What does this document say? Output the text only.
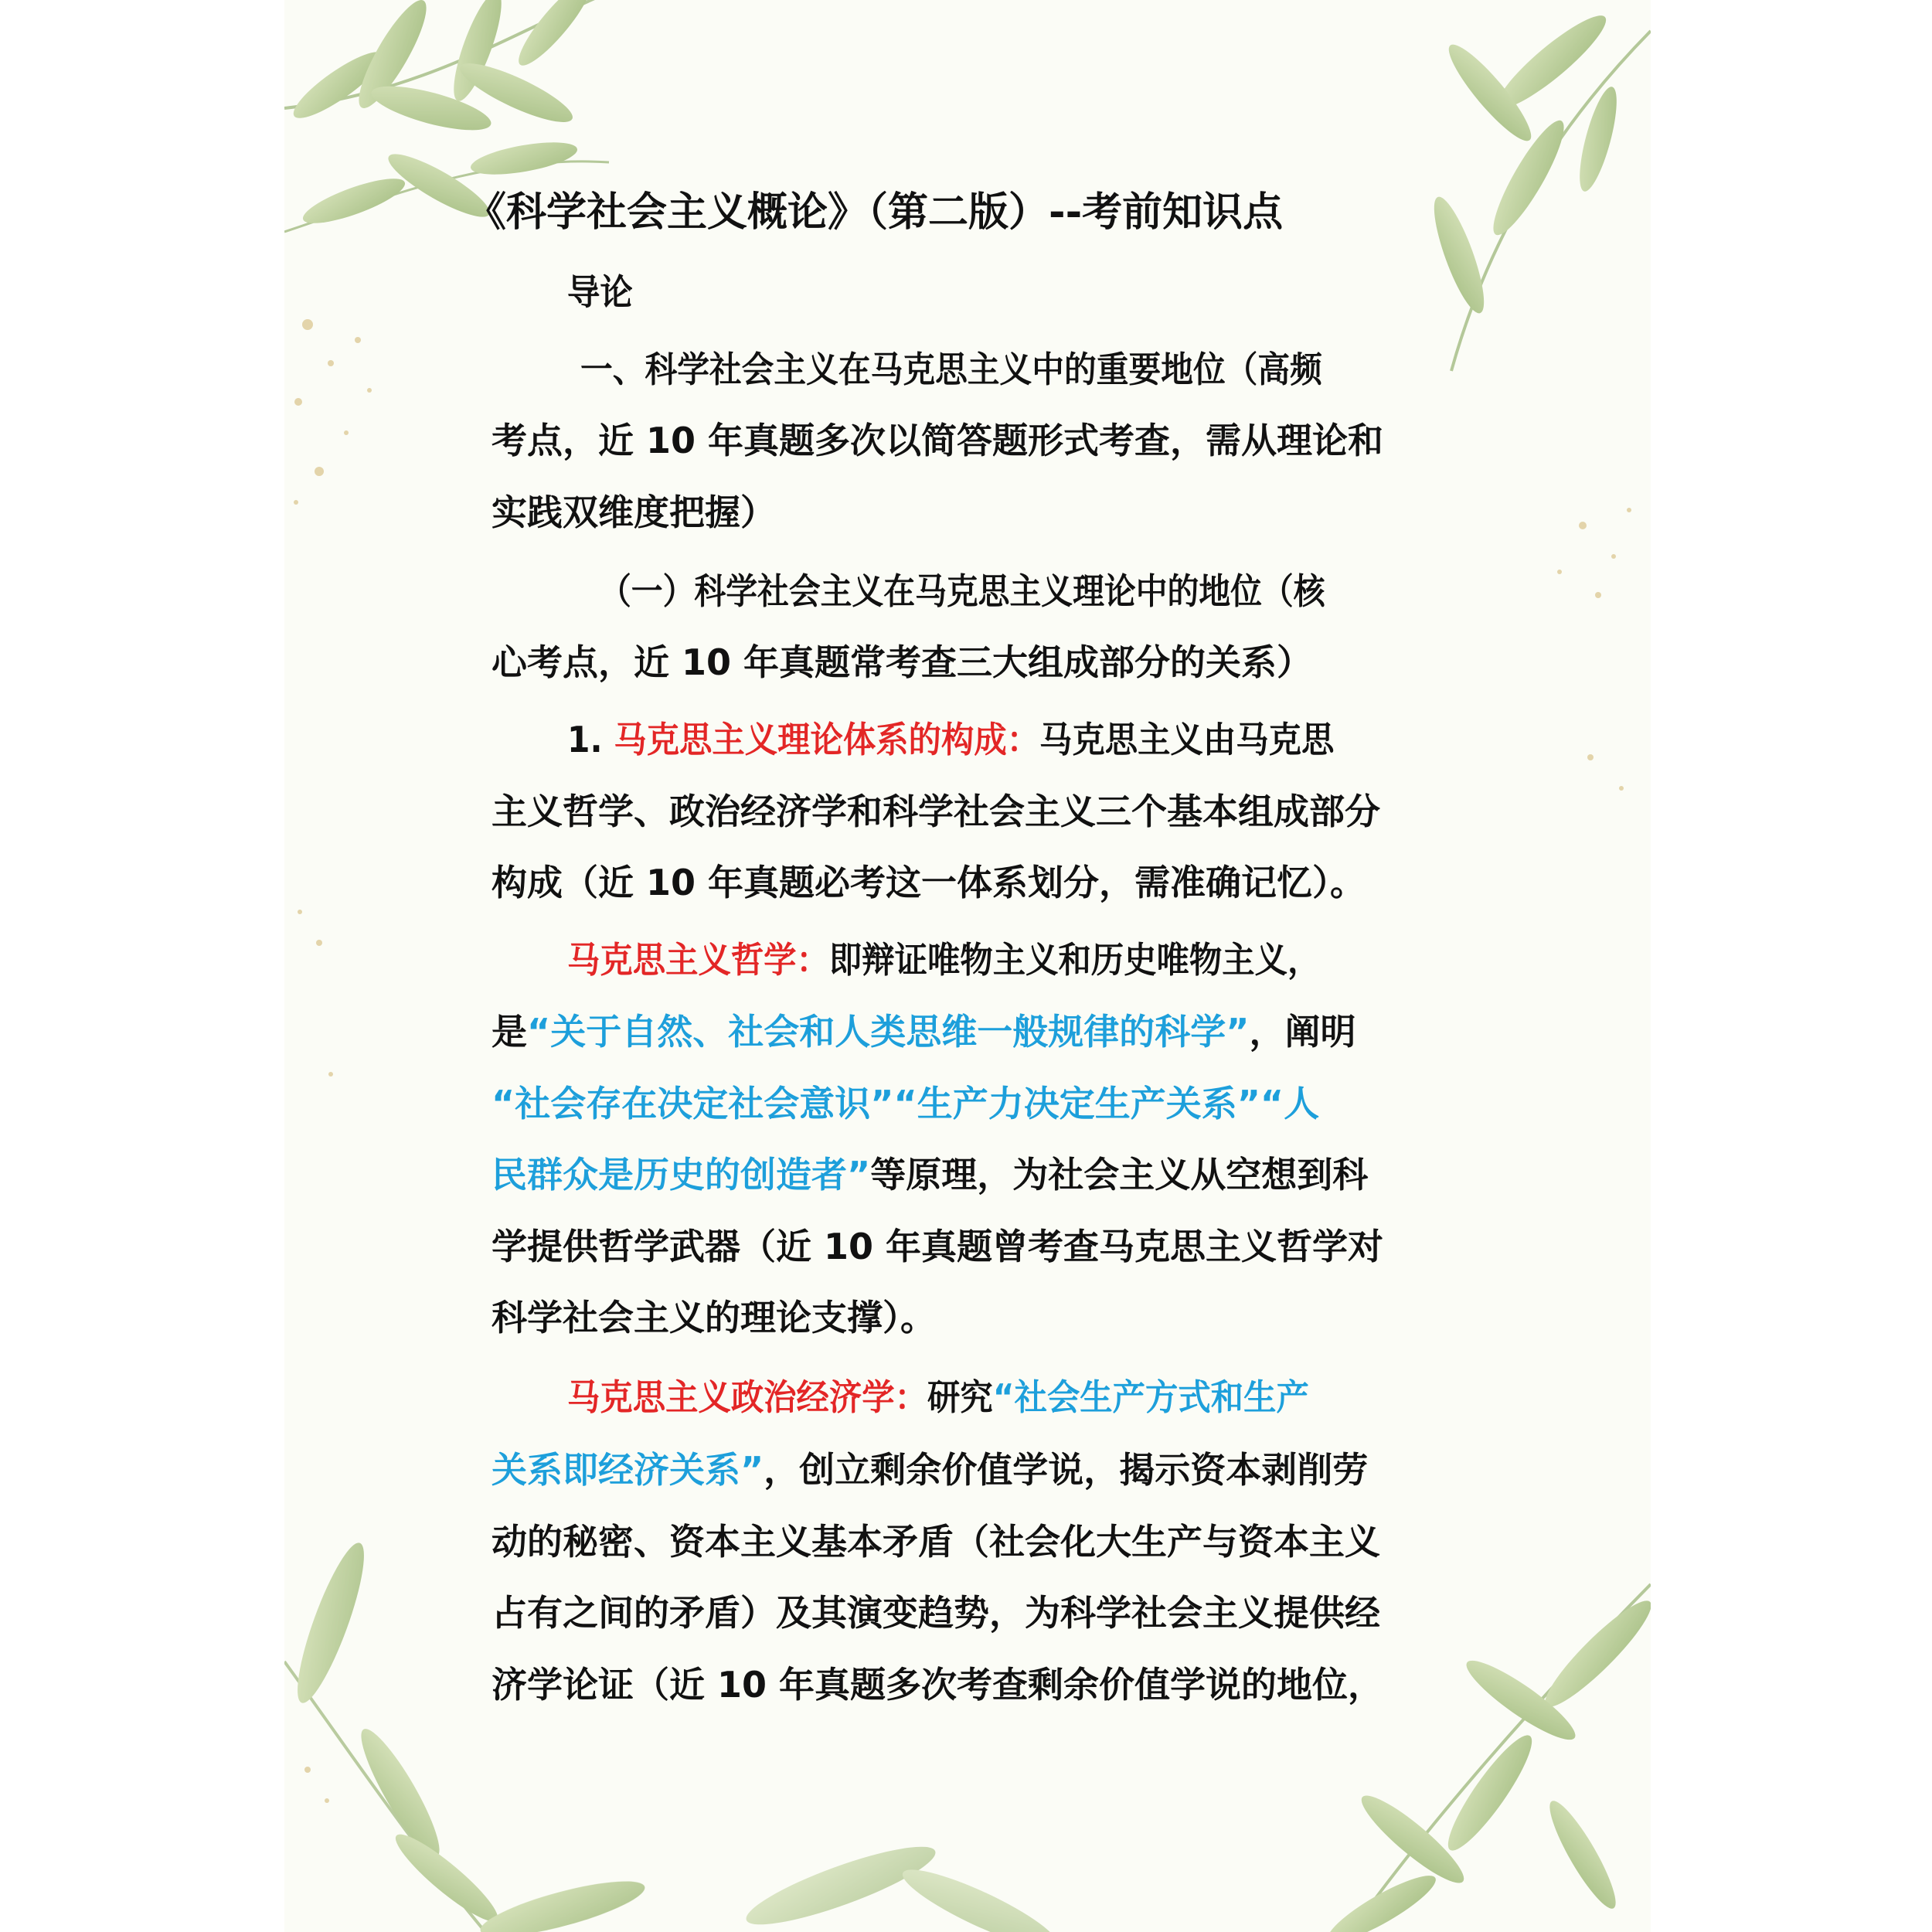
《科学社会主义概论》（第二版）--考前知识点
导论
一、科学社会主义在马克思主义中的重要地位（高频
考点，近 10 年真题多次以简答题形式考查，需从理论和
实践双维度把握）
（一）科学社会主义在马克思主义理论中的地位（核
心考点，近 10 年真题常考查三大组成部分的关系）
1. 马克思主义理论体系的构成：马克思主义由马克思
主义哲学、政治经济学和科学社会主义三个基本组成部分
构成（近 10 年真题必考这一体系划分，需准确记忆）。
马克思主义哲学：即辩证唯物主义和历史唯物主义，
是“关于自然、社会和人类思维一般规律的科学”，阐明
“社会存在决定社会意识”“生产力决定生产关系”“人
民群众是历史的创造者”等原理，为社会主义从空想到科
学提供哲学武器（近 10 年真题曾考查马克思主义哲学对
科学社会主义的理论支撑）。
马克思主义政治经济学：研究“社会生产方式和生产
关系即经济关系”，创立剩余价值学说，揭示资本剥削劳
动的秘密、资本主义基本矛盾（社会化大生产与资本主义
占有之间的矛盾）及其演变趋势，为科学社会主义提供经
济学论证（近 10 年真题多次考查剩余价值学说的地位，
